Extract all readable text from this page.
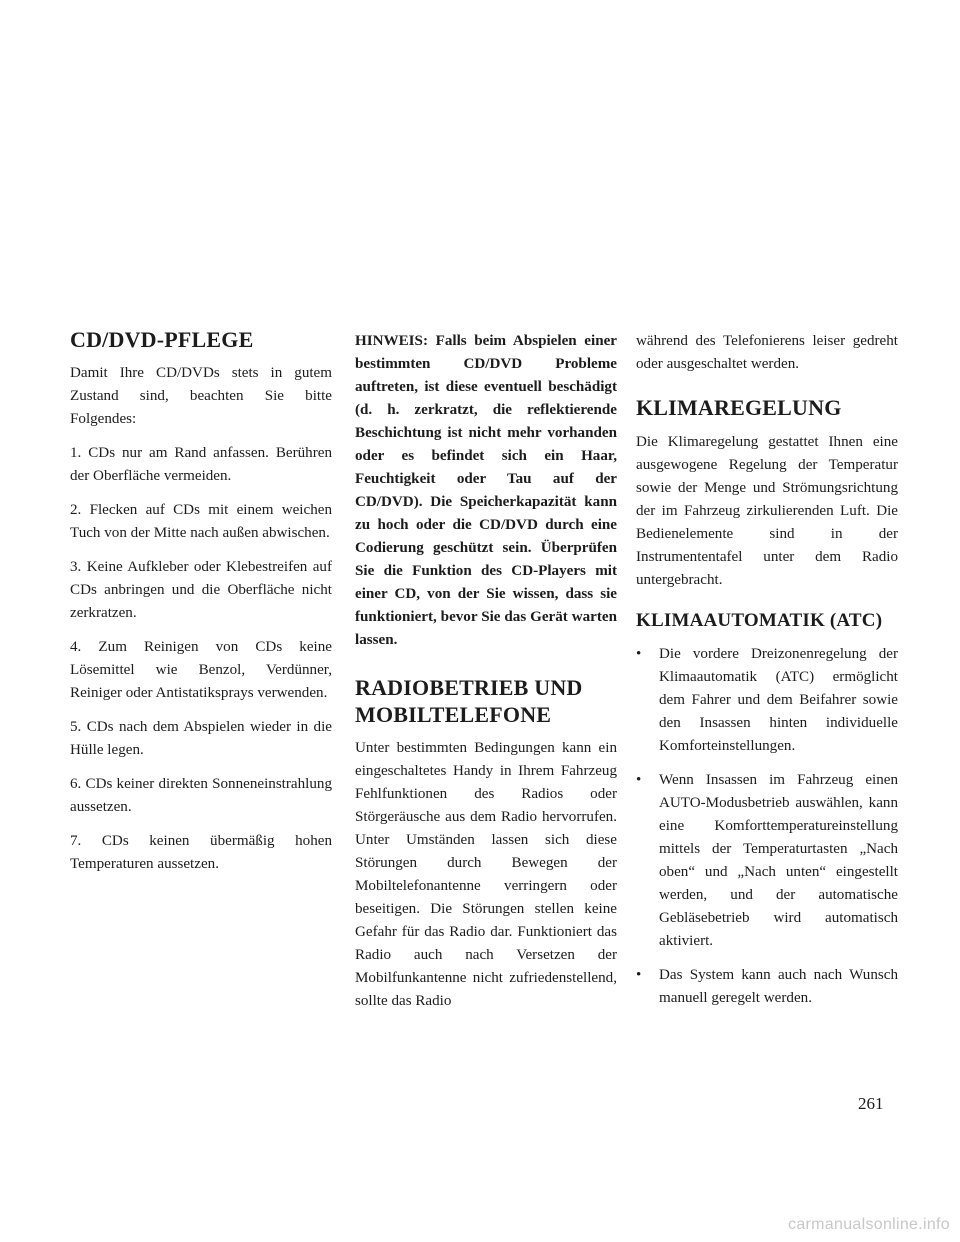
CD/DVD-PFLEGE

Damit Ihre CD/DVDs stets in gutem Zustand sind, beachten Sie bitte Folgendes:

1. CDs nur am Rand anfassen. Berühren der Oberfläche vermeiden.

2. Flecken auf CDs mit einem weichen Tuch von der Mitte nach außen abwischen.

3. Keine Aufkleber oder Klebestreifen auf CDs anbringen und die Oberfläche nicht zerkratzen.

4. Zum Reinigen von CDs keine Lösemittel wie Benzol, Verdünner, Reiniger oder Antistatiksprays verwenden.

5. CDs nach dem Abspielen wieder in die Hülle legen.

6. CDs keiner direkten Sonneneinstrahlung aussetzen.

7. CDs keinen übermäßig hohen Temperaturen aussetzen.

HINWEIS: Falls beim Abspielen einer bestimmten CD/DVD Probleme auftreten, ist diese eventuell beschädigt (d. h. zerkratzt, die reflektierende Beschichtung ist nicht mehr vorhanden oder es befindet sich ein Haar, Feuchtigkeit oder Tau auf der CD/DVD). Die Speicherkapazität kann zu hoch oder die CD/DVD durch eine Codierung geschützt sein. Überprüfen Sie die Funktion des CD-Players mit einer CD, von der Sie wissen, dass sie funktioniert, bevor Sie das Gerät warten lassen.

RADIOBETRIEB UND
MOBILTELEFONE

Unter bestimmten Bedingungen kann ein eingeschaltetes Handy in Ihrem Fahrzeug Fehlfunktionen des Radios oder Störgeräusche aus dem Radio hervorrufen. Unter Umständen lassen sich diese Störungen durch Bewegen der Mobiltelefonantenne verringern oder beseitigen. Die Störungen stellen keine Gefahr für das Radio dar. Funktioniert das Radio auch nach Versetzen der Mobilfunkantenne nicht zufriedenstellend, sollte das Radio

während des Telefonierens leiser gedreht oder ausgeschaltet werden.

KLIMAREGELUNG

Die Klimaregelung gestattet Ihnen eine ausgewogene Regelung der Temperatur sowie der Menge und Strömungsrichtung der im Fahrzeug zirkulierenden Luft. Die Bedienelemente sind in der Instrumententafel unter dem Radio untergebracht.

KLIMAAUTOMATIK (ATC)
• Die vordere Dreizonenregelung der Klimaautomatik (ATC) ermöglicht dem Fahrer und dem Beifahrer sowie den Insassen hinten individuelle Komforteinstellungen.
• Wenn Insassen im Fahrzeug einen AUTO-Modusbetrieb auswählen, kann eine Komforttemperatureinstellung mittels der Temperaturtasten „Nach oben“ und „Nach unten“ eingestellt werden, und der automatische Gebläsebetrieb wird automatisch aktiviert.
• Das System kann auch nach Wunsch manuell geregelt werden.
261
carmanualsonline.info
